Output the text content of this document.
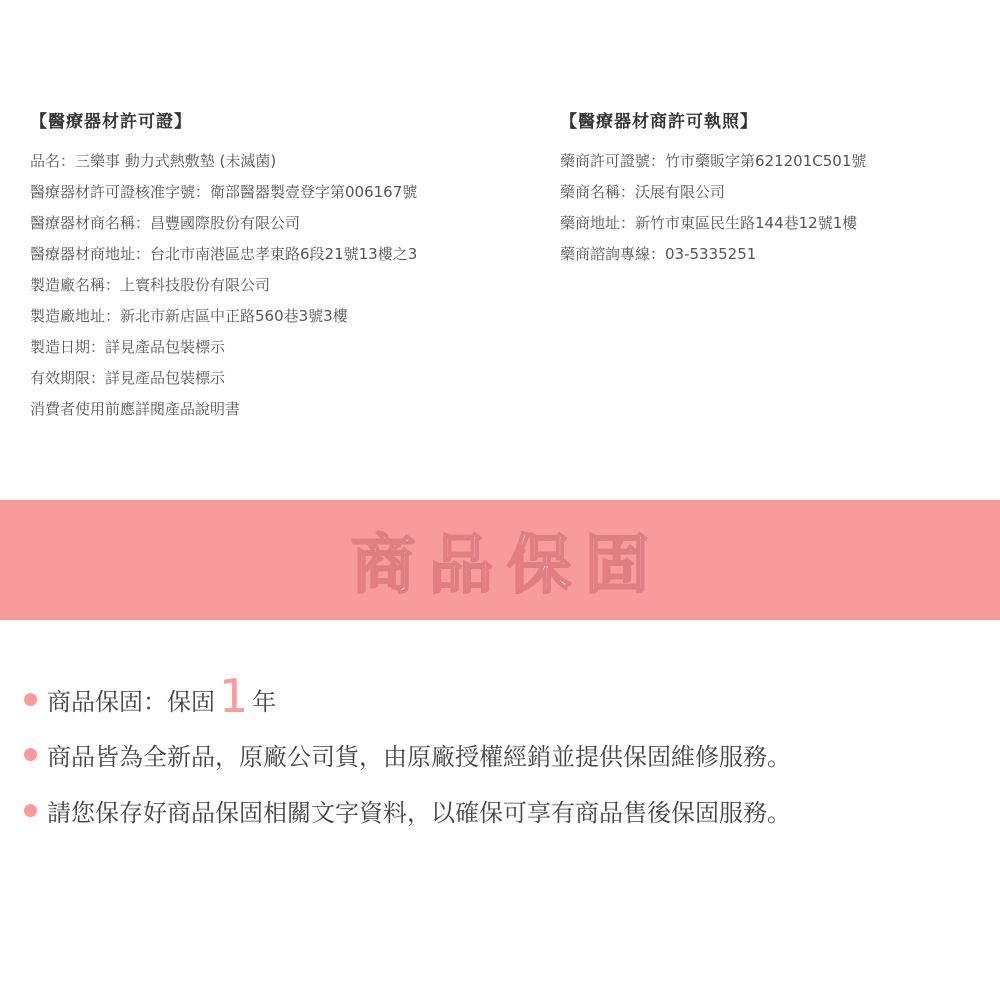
【醫療器材許可證】
品名：三樂事 動力式熱敷墊 (未滅菌)
醫療器材許可證核准字號：衛部醫器製壹登字第006167號
醫療器材商名稱：昌豐國際股份有限公司
醫療器材商地址：台北市南港區忠孝東路6段21號13樓之3
製造廠名稱：上寰科技股份有限公司
製造廠地址：新北市新店區中正路560巷3號3樓
製造日期：詳見產品包裝標示
有效期限：詳見產品包裝標示
消費者使用前應詳閱產品說明書
【醫療器材商許可執照】
藥商許可證號：竹市藥販字第621201C501號
藥商名稱：沃展有限公司
藥商地址：新竹市東區民生路144巷12號1樓
藥商諮詢專線：03-5335251
商品保固
商品保固：保固 1 年
商品皆為全新品，原廠公司貨，由原廠授權經銷並提供保固維修服務。
請您保存好商品保固相關文字資料，以確保可享有商品售後保固服務。
